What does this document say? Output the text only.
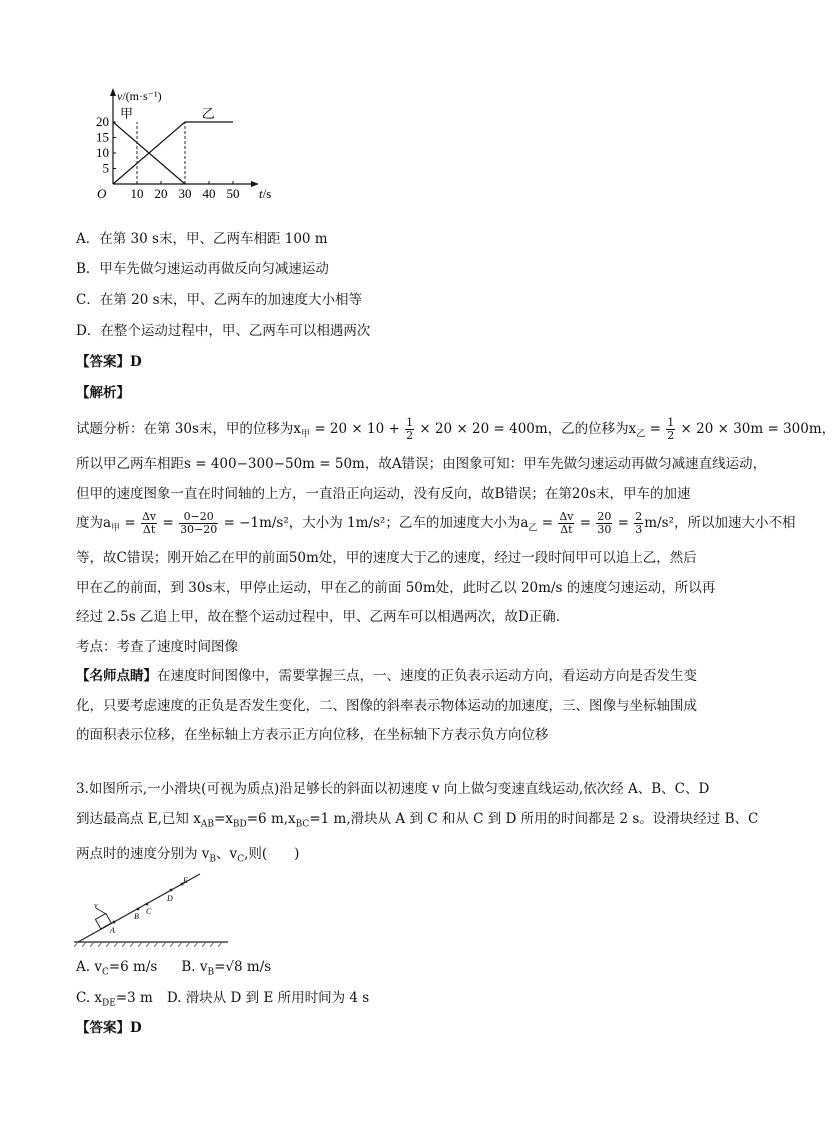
v/(m·s⁻¹)
t/s
O 10 20 30 40 50
5
10
15
20
甲	乙
A．在第 30 s末，甲、乙两车相距 100 m
B．甲车先做匀速运动再做反向匀减速运动
C．在第 20 s末，甲、乙两车的加速度大小相等
D．在整个运动过程中，甲、乙两车可以相遇两次
【答案】D
【解析】
试题分析：在第 30s末，甲的位移为$x_甲 = 20 \times 10 + \frac{1}{2} \times 20 \times 20 = 400m$，乙的位移为$x_乙 = \frac{1}{2} \times 20 \times 30m = 300m$，
所以甲乙两车相距s = 400−300−50m = 50m，故A错误；由图象可知：甲车先做匀速运动再做匀减速直线运动，
但甲的速度图象一直在时间轴的上方，一直沿正向运动，没有反向，故B错误；在第20s末，甲车的加速
度为$a_甲 = \frac{\Delta v}{\Delta t} = \frac{0-20}{30-20} = -1m/s^2$，大小为 1m/s²；乙车的加速度大小为$a_乙 = \frac{\Delta v}{\Delta t} = \frac{20}{30} = \frac{2}{3} m/s^2$，所以加速大小不相
等，故C错误；刚开始乙在甲的前面50m处，甲的速度大于乙的速度，经过一段时间甲可以追上乙，然后
甲在乙的前面，到 30s末，甲停止运动，甲在乙的前面 50m处，此时乙以 20m/s 的速度匀速运动，所以再
经过 2.5s 乙追上甲，故在整个运动过程中，甲、乙两车可以相遇两次，故D正确．
考点：考查了速度时间图像
【名师点睛】在速度时间图像中，需要掌握三点，一、速度的正负表示运动方向，看运动方向是否发生变
化，只要考虑速度的正负是否发生变化，二、图像的斜率表示物体运动的加速度，三、图像与坐标轴围成
的面积表示位移，在坐标轴上方表示正方向位移，在坐标轴下方表示负方向位移
3.如图所示,一小滑块(可视为质点)沿足够长的斜面以初速度 v 向上做匀变速直线运动,依次经 A、B、C、D
到达最高点 E,已知 $x_{AB}=x_{BD}=6$ $m,x_{BC}=1$ m,滑块从 A 到 C 和从 C 到 D 所用的时间都是 2 s。设滑块经过 B、C
两点时的速度分别为 $v_B$、$v_C$,则(　　)
v
A
B
C
D
E
A. $v_C=6$ m/s B. $v_B=√8$ m/s
C. $x_{DE}=3$ m D. 滑块从 D 到 E 所用时间为 4 s
【答案】D
